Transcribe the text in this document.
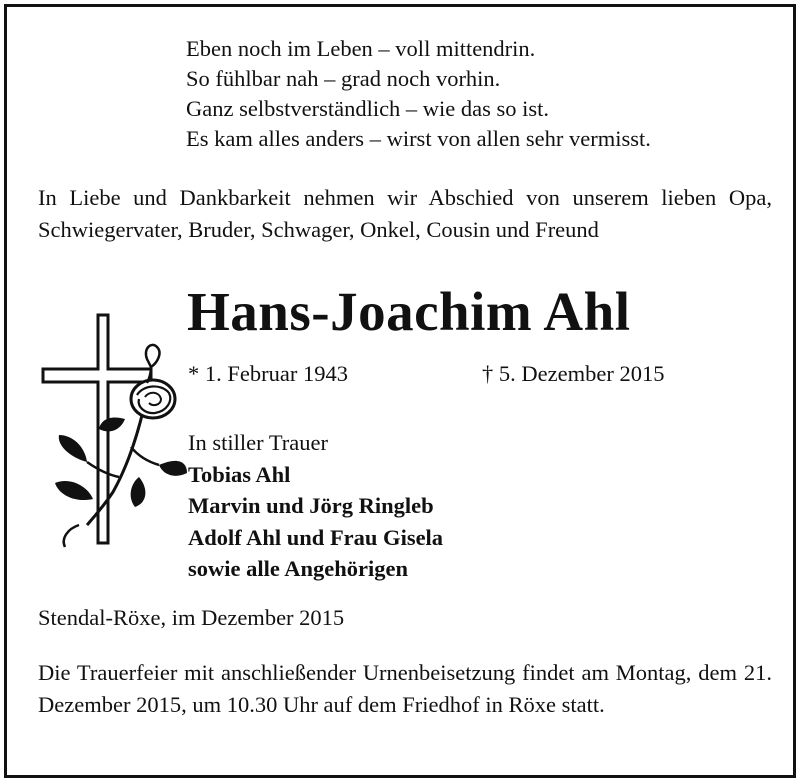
Eben noch im Leben – voll mittendrin.
So fühlbar nah – grad noch vorhin.
Ganz selbstverständlich – wie das so ist.
Es kam alles anders – wirst von allen sehr vermisst.
In Liebe und Dankbarkeit nehmen wir Abschied von unserem lieben Opa, Schwiegervater, Bruder, Schwager, Onkel, Cousin und Freund
Hans-Joachim Ahl
* 1. Februar 1943	† 5. Dezember 2015
In stiller Trauer
Tobias Ahl
Marvin und Jörg Ringleb
Adolf Ahl und Frau Gisela
sowie alle Angehörigen
Stendal-Röxe, im Dezember 2015
Die Trauerfeier mit anschließender Urnenbeisetzung findet am Montag, dem 21. Dezember 2015, um 10.30 Uhr auf dem Friedhof in Röxe statt.
